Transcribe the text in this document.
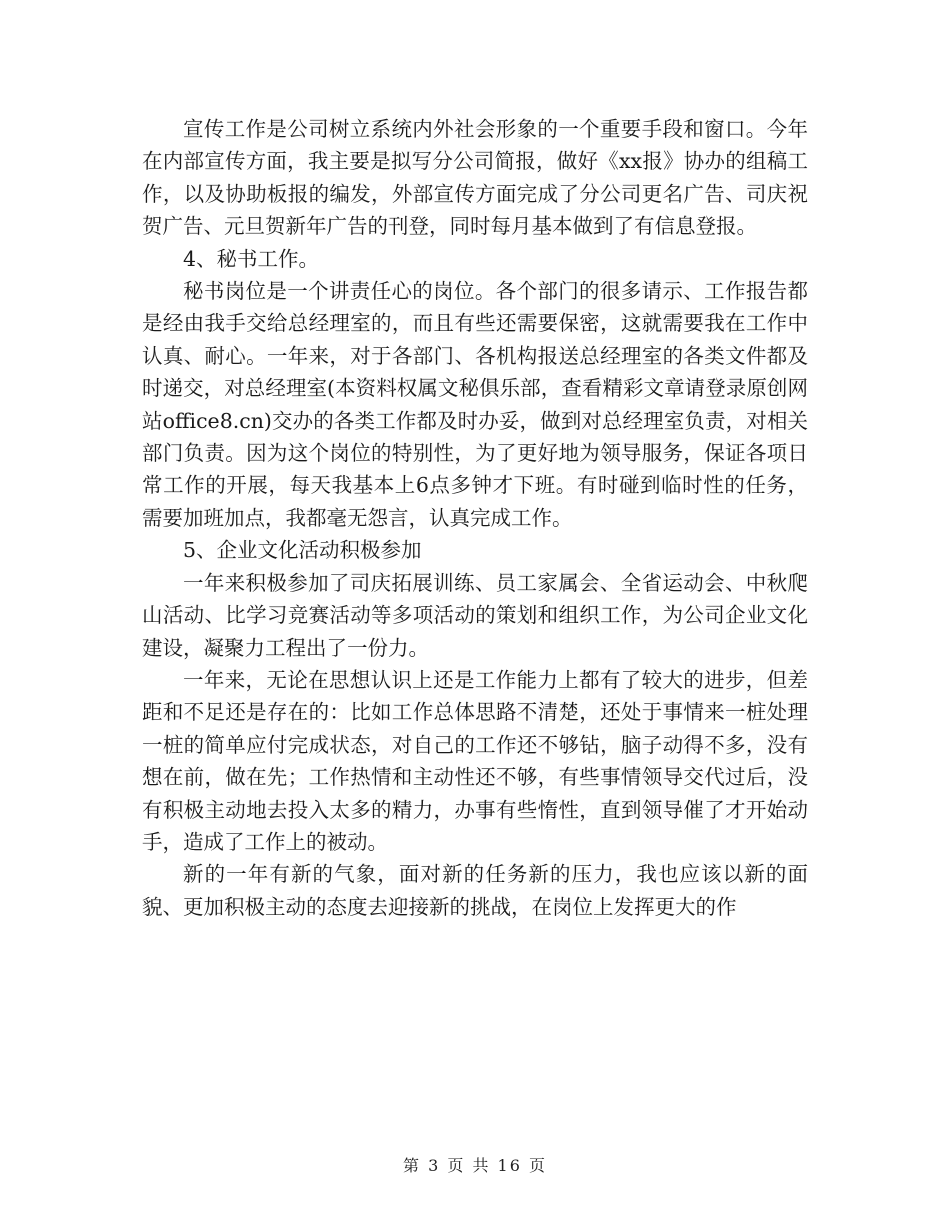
宣传工作是公司树立系统内外社会形象的一个重要手段和窗口。今年在内部宣传方面，我主要是拟写分公司简报，做好《xx报》协办的组稿工作，以及协助板报的编发，外部宣传方面完成了分公司更名广告、司庆祝贺广告、元旦贺新年广告的刊登，同时每月基本做到了有信息登报。

4、秘书工作。

秘书岗位是一个讲责任心的岗位。各个部门的很多请示、工作报告都是经由我手交给总经理室的，而且有些还需要保密，这就需要我在工作中认真、耐心。一年来，对于各部门、各机构报送总经理室的各类文件都及时递交，对总经理室(本资料权属文秘俱乐部，查看精彩文章请登录原创网站office8.cn)交办的各类工作都及时办妥，做到对总经理室负责，对相关部门负责。因为这个岗位的特别性，为了更好地为领导服务，保证各项日常工作的开展，每天我基本上6点多钟才下班。有时碰到临时性的任务，需要加班加点，我都毫无怨言，认真完成工作。

5、企业文化活动积极参加

一年来积极参加了司庆拓展训练、员工家属会、全省运动会、中秋爬山活动、比学习竞赛活动等多项活动的策划和组织工作，为公司企业文化建设，凝聚力工程出了一份力。

一年来，无论在思想认识上还是工作能力上都有了较大的进步，但差距和不足还是存在的：比如工作总体思路不清楚，还处于事情来一桩处理一桩的简单应付完成状态，对自己的工作还不够钻，脑子动得不多，没有想在前，做在先；工作热情和主动性还不够，有些事情领导交代过后，没有积极主动地去投入太多的精力，办事有些惰性，直到领导催了才开始动手，造成了工作上的被动。

新的一年有新的气象，面对新的任务新的压力，我也应该以新的面貌、更加积极主动的态度去迎接新的挑战，在岗位上发挥更大的作

第 3 页 共 16 页
